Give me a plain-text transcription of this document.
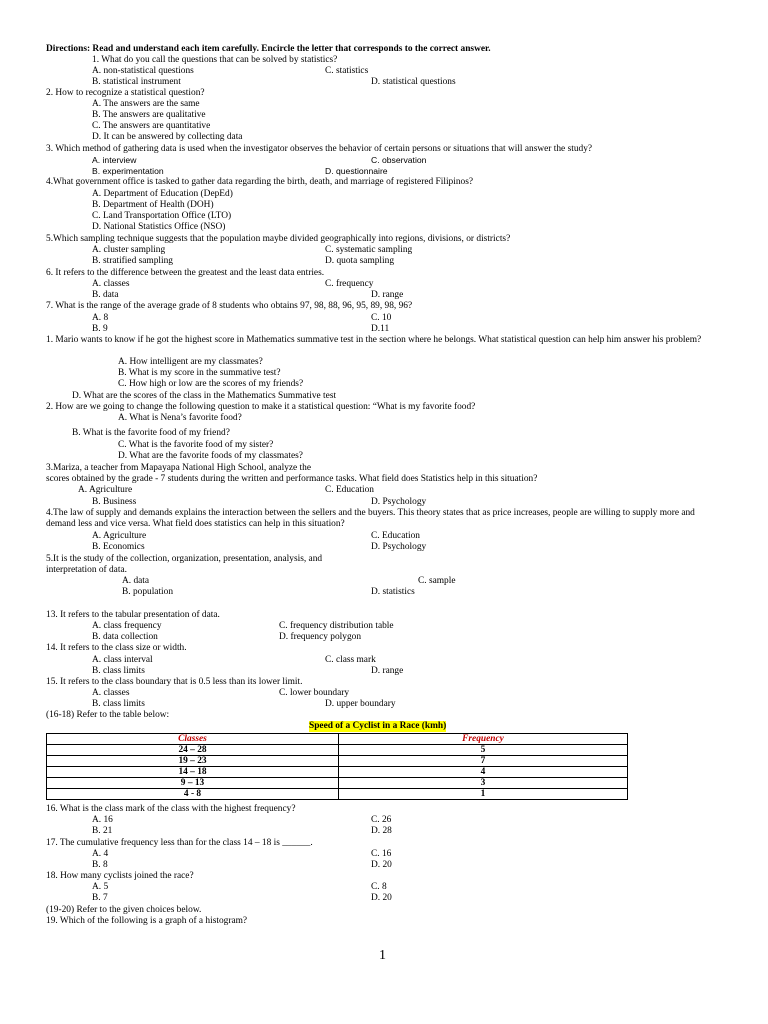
Directions: Read and understand each item carefully. Encircle the letter that corresponds to the correct answer.
1. What do you call the questions that can be solved by statistics?
A. non-statistical questions	C. statistics
B. statistical instrument	D. statistical questions
2. How to recognize a statistical question?
A. The answers are the same
B. The answers are qualitative
C. The answers are quantitative
D. It can be answered by collecting data
3. Which method of gathering data is used when the investigator observes the behavior of certain persons or situations that will answer the study?
A. interview	C. observation
B. experimentation	D. questionnaire
4.What government office is tasked to gather data regarding the birth, death, and marriage of registered Filipinos?
A. Department of Education (DepEd)
B. Department of Health (DOH)
C. Land Transportation Office (LTO)
D. National Statistics Office (NSO)
5.Which sampling technique suggests that the population maybe divided geographically into regions, divisions, or districts?
A. cluster sampling	C. systematic sampling
B. stratified sampling	D. quota sampling
6. It refers to the difference between the greatest and the least data entries.
A. classes	C. frequency
B. data	D. range
7. What is the range of the average grade of 8 students who obtains 97, 98, 88, 96, 95, 89, 98, 96?
A. 8	C. 10
B. 9	D.11
1. Mario wants to know if he got the highest score in Mathematics summative test in the section where he belongs. What statistical question can help him answer his problem?
A. How intelligent are my classmates?
B. What is my score in the summative test?
C. How high or low are the scores of my friends?
D. What are the scores of the class in the Mathematics Summative test
2. How are we going to change the following question to make it a statistical question: “What is my favorite food?
A. What is Nena’s favorite food?
B. What is the favorite food of my friend?
C. What is the favorite food of my sister?
D. What are the favorite foods of my classmates?
3.Mariza, a teacher from Mapayapa National High School, analyze the
scores obtained by the grade - 7 students during the written and performance tasks. What field does Statistics help in this situation?
A. Agriculture	C. Education
B. Business	D. Psychology
4.The law of supply and demands explains the interaction between the sellers and the buyers. This theory states that as price increases, people are willing to supply more and demand less and vice versa. What field does statistics can help in this situation?
A. Agriculture	C. Education
B. Economics	D. Psychology
5.It is the study of the collection, organization, presentation, analysis, and
interpretation of data.
A. data	C. sample
B. population	D. statistics
13. It refers to the tabular presentation of data.
A. class frequency	C. frequency distribution table
B. data collection	D. frequency polygon
14. It refers to the class size or width.
A. class interval	C. class mark
B. class limits	D. range
15. It refers to the class boundary that is 0.5 less than its lower limit.
A. classes	C. lower boundary
B. class limits	D. upper boundary
(16-18) Refer to the table below:
Speed of a Cyclist in a Race (kmh)
Classes	Frequency
24 – 28	5
19 – 23	7
14 – 18	4
9 – 13	3
4 - 8	1
16. What is the class mark of the class with the highest frequency?
A. 16	C. 26
B. 21	D. 28
17. The cumulative frequency less than for the class 14 – 18 is ______.
A. 4	C. 16
B. 8	D. 20
18. How many cyclists joined the race?
A. 5	C. 8
B. 7	D. 20
(19-20) Refer to the given choices below.
19. Which of the following is a graph of a histogram?
1
